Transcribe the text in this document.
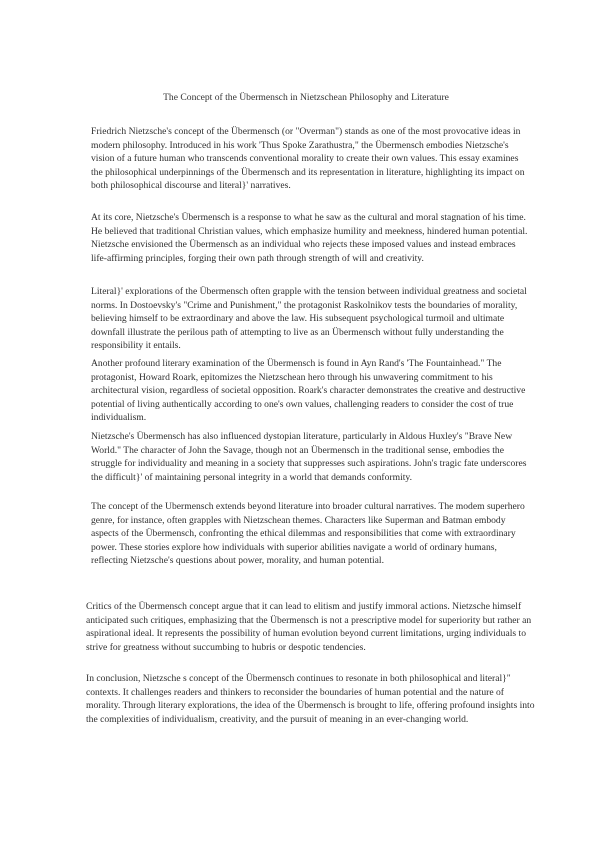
The Concept of the Übermensch in Nietzschean Philosophy and Literature

Friedrich Nietzsche's concept of the Übermensch (or "Overman") stands as one of the most provocative ideas in modern philosophy. Introduced in his work 'Thus Spoke Zarathustra," the Übermensch embodies Nietzsche's vision of a future human who transcends conventional morality to create their own values. This essay examines the philosophical underpinnings of the Übermensch and its representation in literature, highlighting its impact on both philosophical discourse and literal}' narratives.

At its core, Nietzsche's Übermensch is a response to what he saw as the cultural and moral stagnation of his time. He believed that traditional Christian values, which emphasize humility and meekness, hindered human potential. Nietzsche envisioned the Übermensch as an individual who rejects these imposed values and instead embraces life-affirming principles, forging their own path through strength of will and creativity.

Literal}' explorations of the Übermensch often grapple with the tension between individual greatness and societal norms. In Dostoevsky's "Crime and Punishment," the protagonist Raskolnikov tests the boundaries of morality, believing himself to be extraordinary and above the law. His subsequent psychological turmoil and ultimate downfall illustrate the perilous path of attempting to live as an Übermensch without fully understanding the responsibility it entails.

Another profound literary examination of the Übermensch is found in Ayn Rand's 'The Fountainhead." The protagonist, Howard Roark, epitomizes the Nietzschean hero through his unwavering commitment to his architectural vision, regardless of societal opposition. Roark's character demonstrates the creative and destructive potential of living authentically according to one's own values, challenging readers to consider the cost of true individualism.

Nietzsche's Übermensch has also influenced dystopian literature, particularly in Aldous Huxley's "Brave New World." The character of John the Savage, though not an Übermensch in the traditional sense, embodies the struggle for individuality and meaning in a society that suppresses such aspirations. John's tragic fate underscores the difficult}' of maintaining personal integrity in a world that demands conformity.

The concept of the Ubermensch extends beyond literature into broader cultural narratives. The modem superhero genre, for instance, often grapples with Nietzschean themes. Characters like Superman and Batman embody aspects of the Übermensch, confronting the ethical dilemmas and responsibilities that come with extraordinary power. These stories explore how individuals with superior abilities navigate a world of ordinary humans, reflecting Nietzsche's questions about power, morality, and human potential.

Critics of the Übermensch concept argue that it can lead to elitism and justify immoral actions. Nietzsche himself anticipated such critiques, emphasizing that the Übermensch is not a prescriptive model for superiority but rather an aspirational ideal. It represents the possibility of human evolution beyond current limitations, urging individuals to strive for greatness without succumbing to hubris or despotic tendencies.

In conclusion, Nietzsche s concept of the Übermensch continues to resonate in both philosophical and literal}" contexts. It challenges readers and thinkers to reconsider the boundaries of human potential and the nature of morality. Through literary explorations, the idea of the Übermensch is brought to life, offering profound insights into the complexities of individualism, creativity, and the pursuit of meaning in an ever-changing world.
